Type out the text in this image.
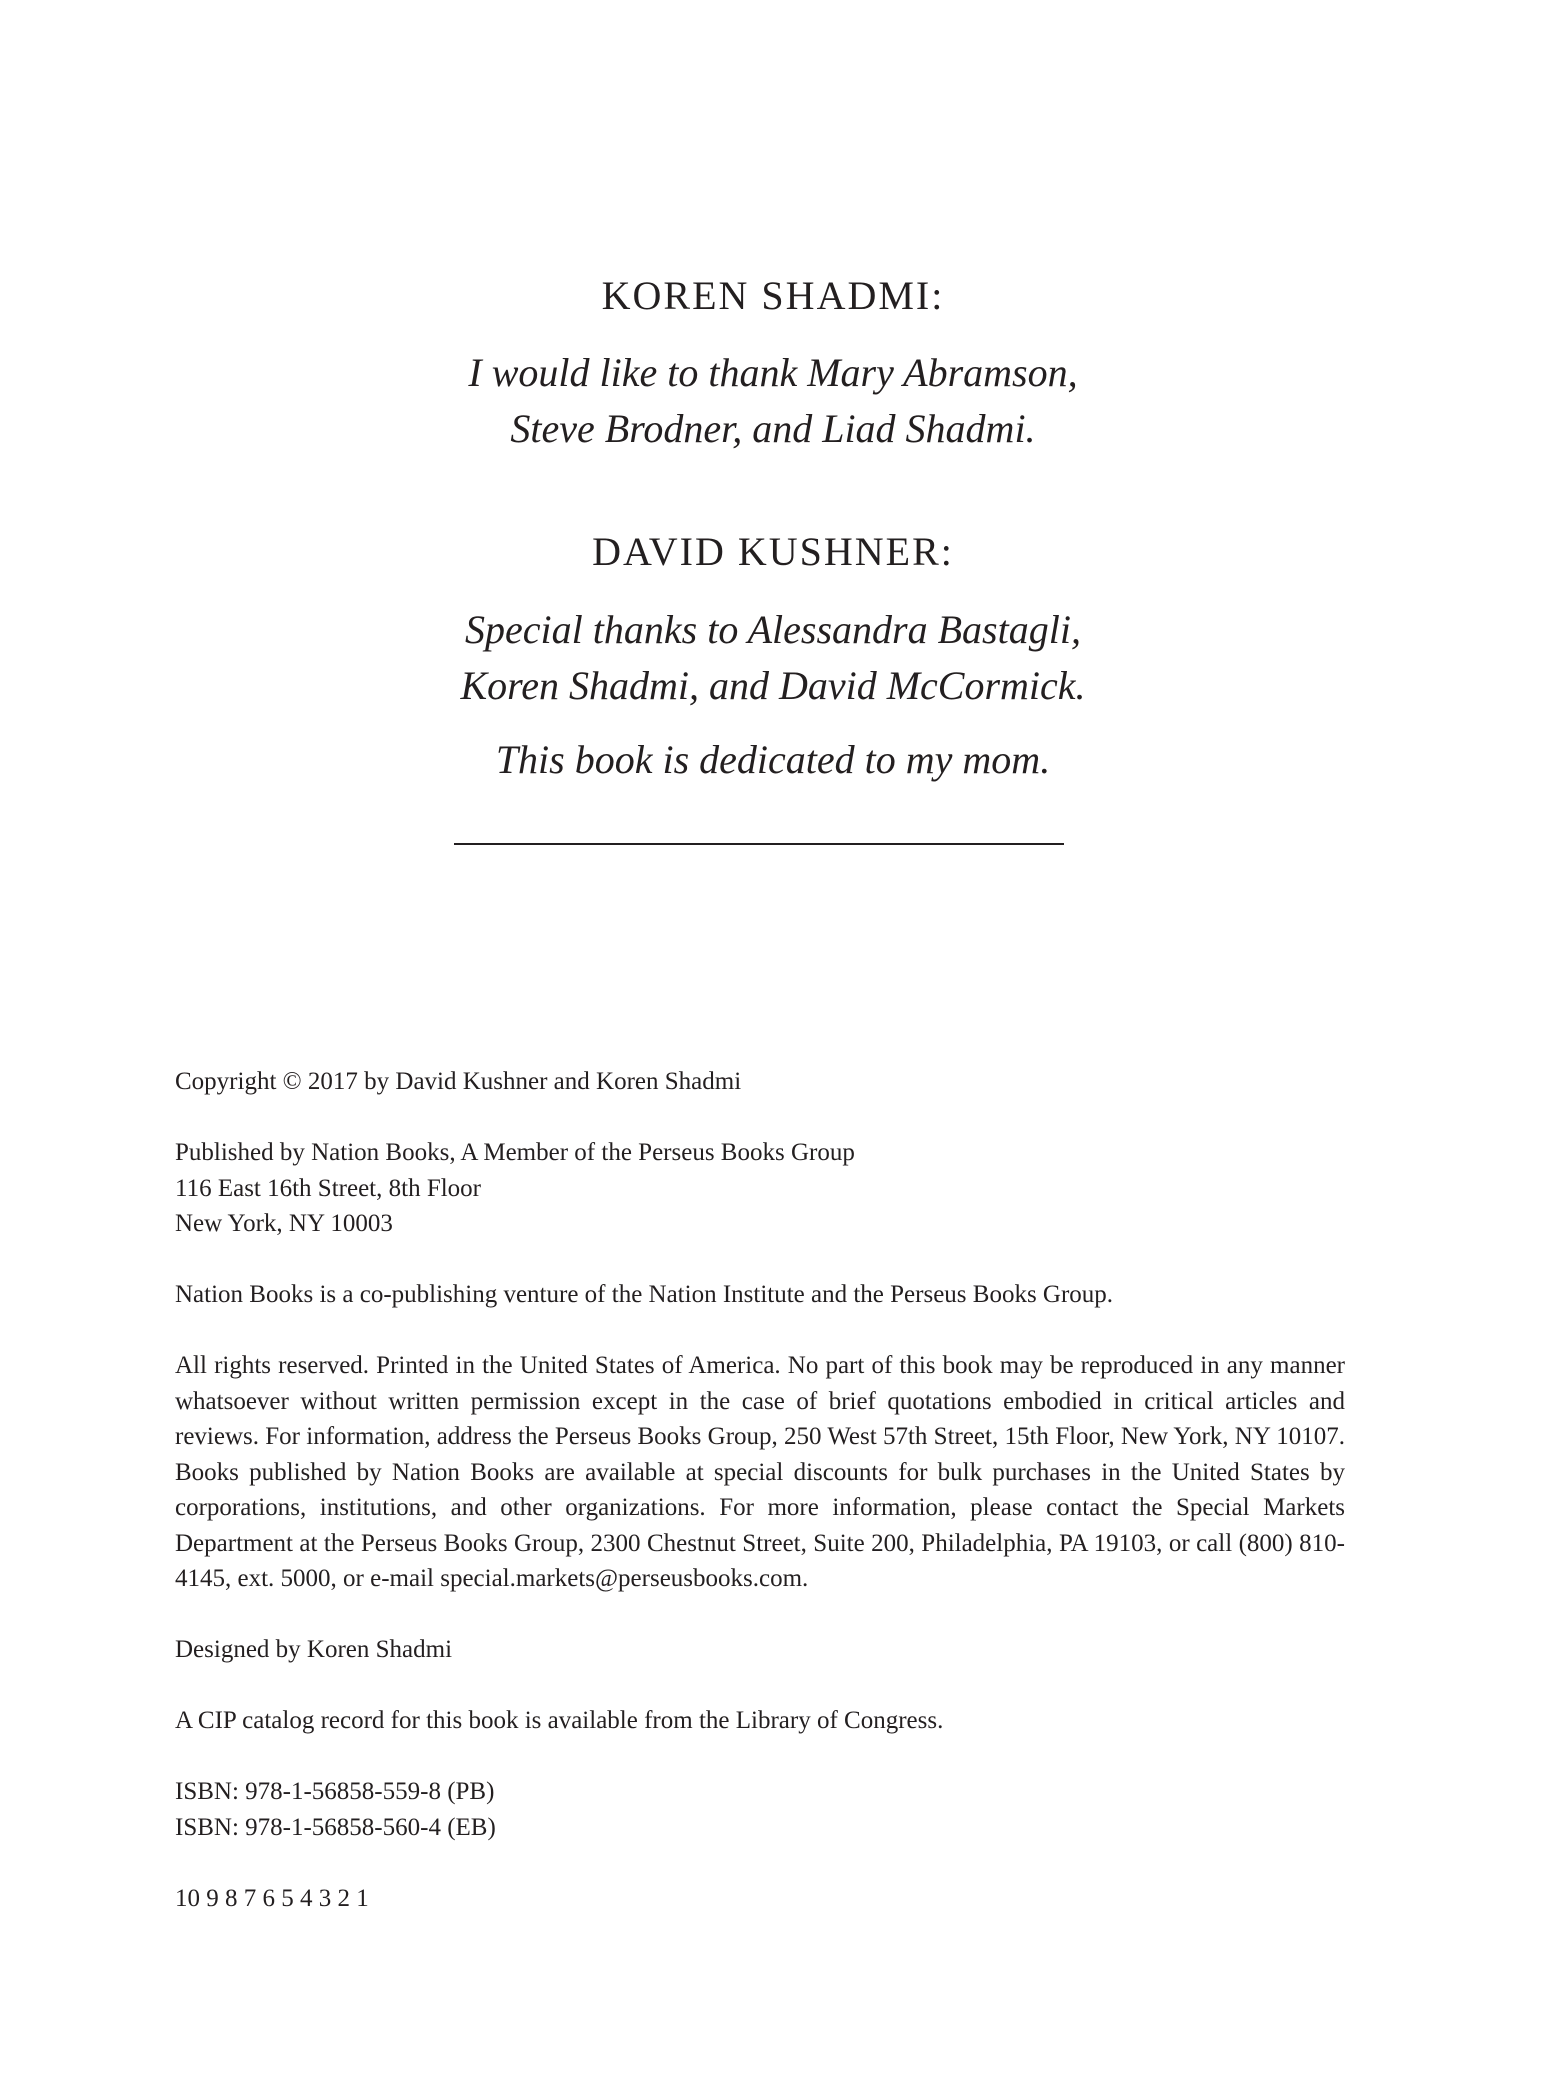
KOREN SHADMI:

I would like to thank Mary Abramson,
Steve Brodner, and Liad Shadmi.

DAVID KUSHNER:

Special thanks to Alessandra Bastagli,
Koren Shadmi, and David McCormick.

This book is dedicated to my mom.

Copyright © 2017 by David Kushner and Koren Shadmi

Published by Nation Books, A Member of the Perseus Books Group
116 East 16th Street, 8th Floor
New York, NY 10003

Nation Books is a co-publishing venture of the Nation Institute and the Perseus Books Group.

All rights reserved. Printed in the United States of America. No part of this book may be reproduced in any manner whatsoever without written permission except in the case of brief quotations embodied in critical articles and reviews. For information, address the Perseus Books Group, 250 West 57th Street, 15th Floor, New York, NY 10107. Books published by Nation Books are available at special discounts for bulk purchases in the United States by corporations, institutions, and other organizations. For more information, please contact the Special Markets Department at the Perseus Books Group, 2300 Chestnut Street, Suite 200, Philadelphia, PA 19103, or call (800) 810-4145, ext. 5000, or e-mail special.markets@perseusbooks.com.

Designed by Koren Shadmi

A CIP catalog record for this book is available from the Library of Congress.

ISBN: 978-1-56858-559-8 (PB)
ISBN: 978-1-56858-560-4 (EB)

10 9 8 7 6 5 4 3 2 1
